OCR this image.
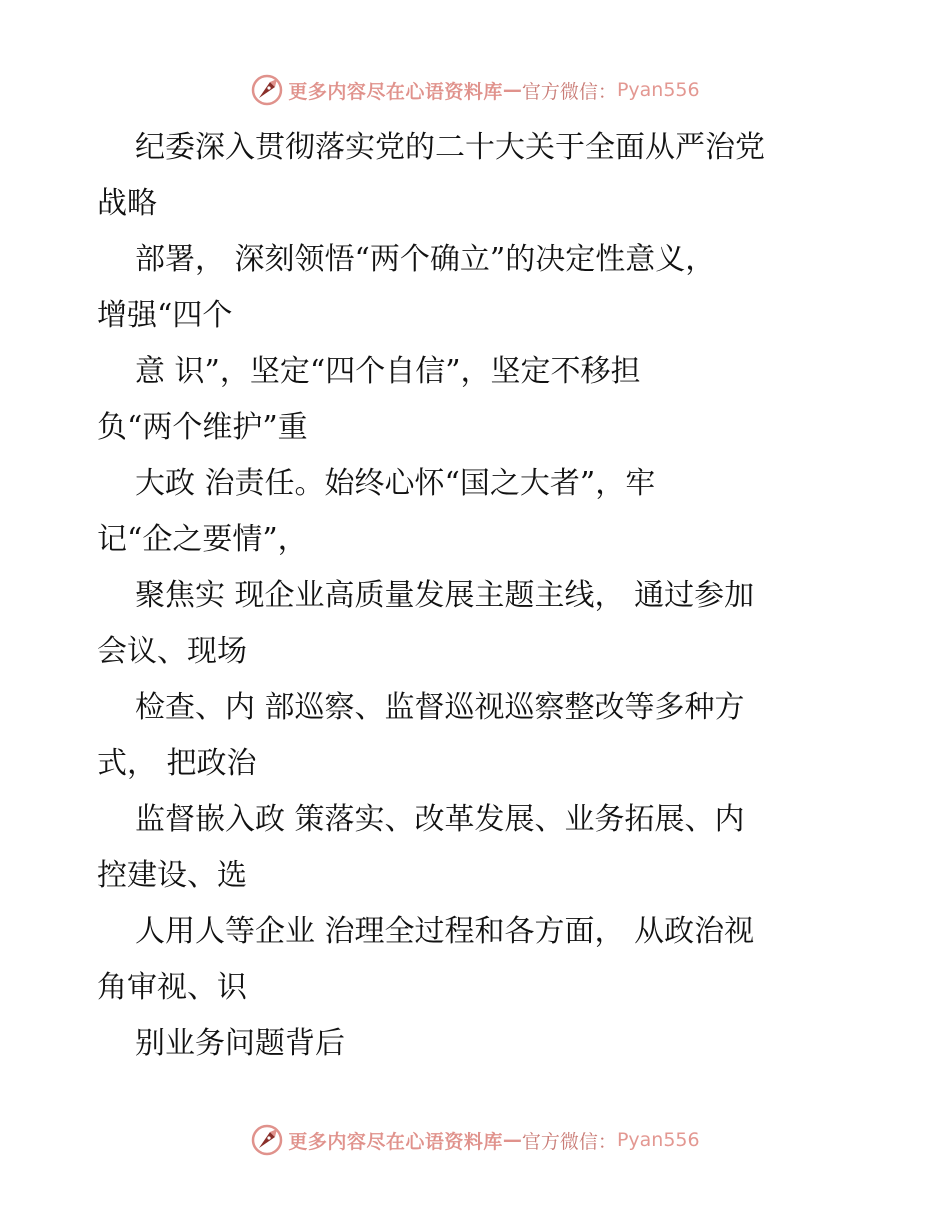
更多内容尽在心语资料库 — 官方微信： Pyan556
纪委深入贯彻落实党的二十大关于全面从严治党
战略
部署， 深刻领悟“两个确立”的决定性意义，
增强“四个
意 识”，坚定“四个自信”，坚定不移担
负“两个维护”重
大政 治责任。始终心怀“国之大者”，牢
记“企之要情”，
聚焦实 现企业高质量发展主题主线， 通过参加
会议、现场
检查、内 部巡察、监督巡视巡察整改等多种方
式， 把政治
监督嵌入政 策落实、改革发展、业务拓展、内
控建设、选
人用人等企业 治理全过程和各方面， 从政治视
角审视、识
别业务问题背后
更多内容尽在心语资料库 — 官方微信： Pyan556
